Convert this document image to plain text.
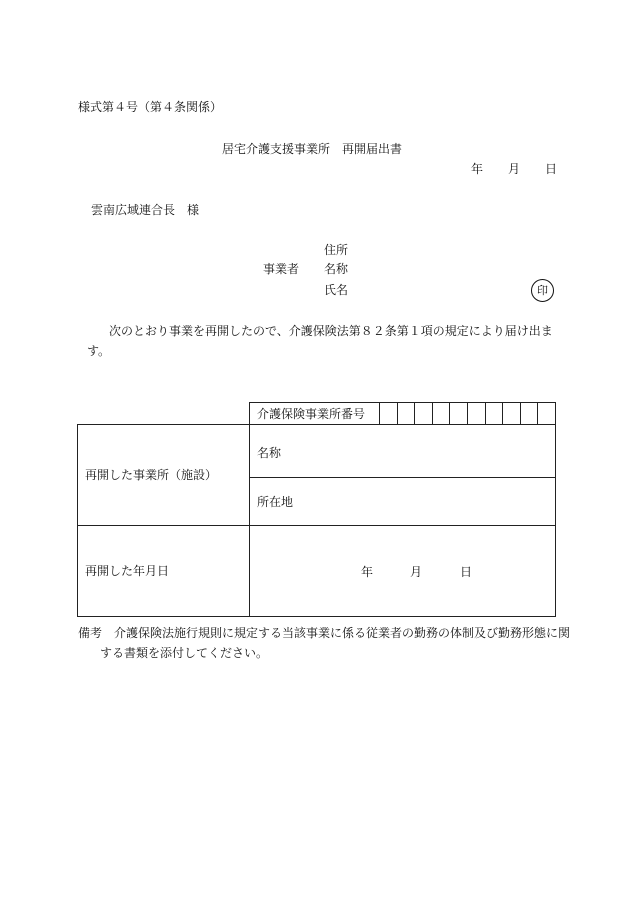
様式第４号（第４条関係）
居宅介護支援事業所　再開届出書
年 月 日
雲南広域連合長　様
事業者
住所
名称
氏名	印
次のとおり事業を再開したので、介護保険法第８２条第１項の規定により届け出ます。
	介護保険事業所番号										
再開した事業所（施設）	名称										
	所在地										
再開した年月日	年 月 日										
備考　介護保険法施行規則に規定する当該事業に係る従業者の勤務の体制及び勤務形態に関する書類を添付してください。
